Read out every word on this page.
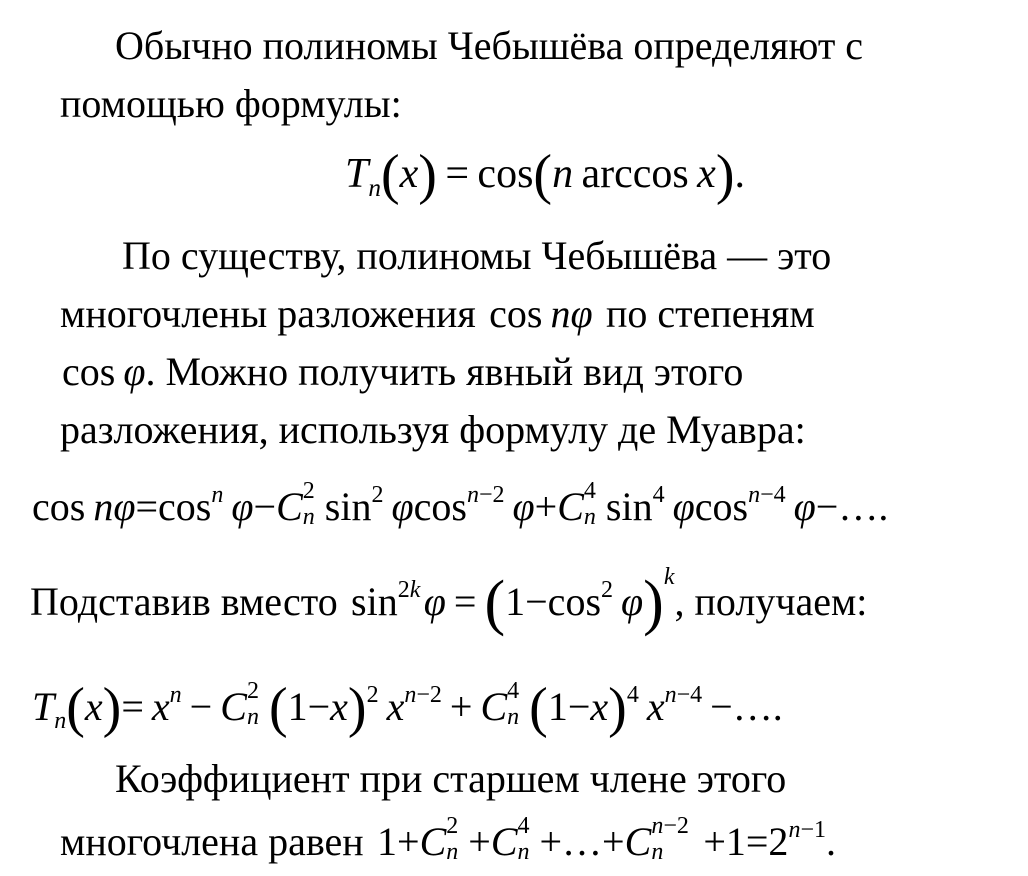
Обычно полиномы Чебышёва определяют с
помощью формулы:
$T_n(x) = \cos(n$ arccos x).
По существу, полиномы Чебышёва — это
многочлены разложения  cos nφ  по степеням
cos φ. Можно получить явный вид этого
разложения, используя формулу де Муавра:
$\cos n\varphi=\cos^n$  φ−C 2
n $\sin^2 \varphi\cos^{n-2}$  φ+C 4
n $\sin^4 \varphi\cos^{n-4}$  φ−….
Подставив вместо  $\sin^{2k}$ $\varphi = (1-\cos^2$  φ)$^k$, получаем:
$T_n(x)= x^n - C$ 2
n $(1-x)^2$  $x^{n-2} + C$ 4
n $(1-x)^4$  $x^{n-4}$ −….
Коэффициент при старшем члене этого
многочлена равен  1+C 2
n +C 4
n +…+C n−2
$n +1=2^{n-1}$.
